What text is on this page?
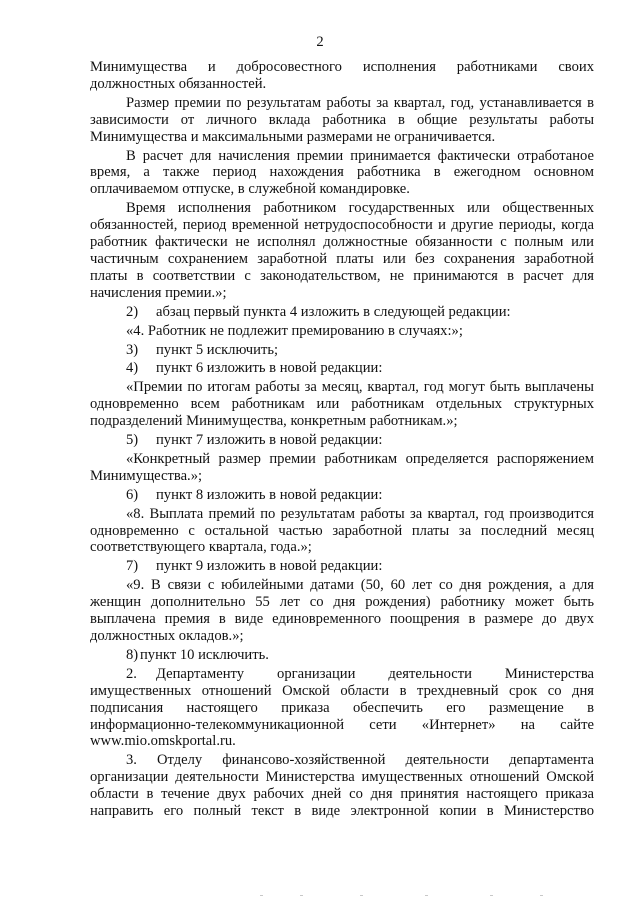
2

Минимущества и добросовестного исполнения работниками своих должностных обязанностей.

Размер премии по результатам работы за квартал, год, устанавливается в зависимости от личного вклада работника в общие результаты работы Минимущества и максимальными размерами не ограничивается.

В расчет для начисления премии принимается фактически отработаное время, а также период нахождения работника в ежегодном основном оплачиваемом отпуске, в служебной командировке.

Время исполнения работником государственных или общественных обязанностей, период временной нетрудоспособности и другие периоды, когда работник фактически не исполнял должностные обязанности с полным или частичным сохранением заработной платы или без сохранения заработной платы в соответствии с законодательством, не принимаются в расчет для начисления премии.»;

2)	абзац первый пункта 4 изложить в следующей редакции:

«4. Работник не подлежит премированию в случаях:»;

3)	пункт 5 исключить;
4)	пункт 6 изложить в новой редакции:

«Премии по итогам работы за месяц, квартал, год могут быть выплачены одновременно всем работникам или работникам отдельных структурных подразделений Минимущества, конкретным работникам.»;

5)	пункт 7 изложить в новой редакции:

«Конкретный размер премии работникам определяется распоряжением Минимущества.»;

6)	пункт 8 изложить в новой редакции:

«8. Выплата премий по результатам работы за квартал, год производится одновременно с остальной частью заработной платы за последний месяц соответствующего квартала, года.»;

7)	пункт 9 изложить в новой редакции:

«9. В связи с юбилейными датами (50, 60 лет со дня рождения, а для женщин дополнительно 55 лет со дня рождения) работнику может быть выплачена премия в виде единовременного поощрения в размере до двух должностных окладов.»;

8) пункт 10 исключить.
2.	Департаменту организации деятельности Министерства
имущественных отношений Омской области в трехдневный срок со дня
подписания настоящего приказа обеспечить его размещение в
информационно-телекоммуникационной сети «Интернет» на сайте
www.mio.omskportal.ru.

3. Отделу финансово-хозяйственной деятельности департамента организации деятельности Министерства имущественных отношений Омской области в течение двух рабочих дней со дня принятия настоящего приказа направить его полный текст в виде электронной копии в Министерство
